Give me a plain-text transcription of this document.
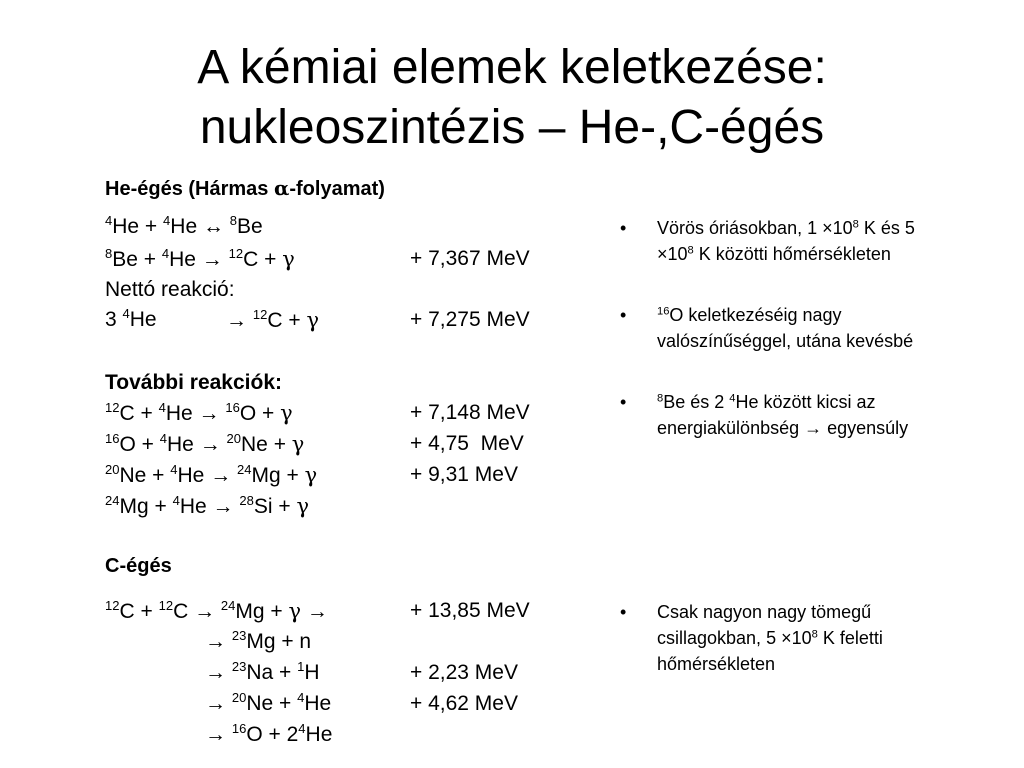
A kémiai elemek keletkezése:
nukleoszintézis – He-,C-égés
He-égés (Hármas α-folyamat)
$^4$He + $^4$He ↔ $^8$Be
$^8$Be + $^4$He → $^{12}$C + γ	+ 7,367 MeV
Nettó reakció:
3 $^4$He	→ $^{12}$C + γ	+ 7,275 MeV
További reakciók:
$^{12}$C + $^4$He → $^{16}$O + γ	+ 7,148 MeV
$^{16}$O + $^4$He → $^{20}$Ne + γ	+ 4,75  MeV
$^{20}$Ne + $^4$He → $^{24}$Mg + γ	+ 9,31 MeV
$^{24}$Mg + $^4$He → $^{28}$Si + γ
C-égés
$^{12}$C + $^{12}$C → $^{24}$Mg + γ →	+ 13,85 MeV
→ $^{23}$Mg + n
→ $^{23}$Na + $^1$H	+ 2,23 MeV
→ $^{20}$Ne + $^4$He	+ 4,62 MeV
→ $^{16}O + 2^4He$
•	Vörös óriásokban, $1 \times 10^8$ K és $5 \times 10^8$ K közötti hőmérsékleten
•	$^{16}$O keletkezéséig nagy valószínűséggel, utána kevésbé
•	$^8$Be és 2 $^4$He között kicsi az energiakülönbség → egyensúly
•	Csak nagyon nagy tömegű csillagokban, $5 \times 10^8$ K feletti hőmérsékleten
